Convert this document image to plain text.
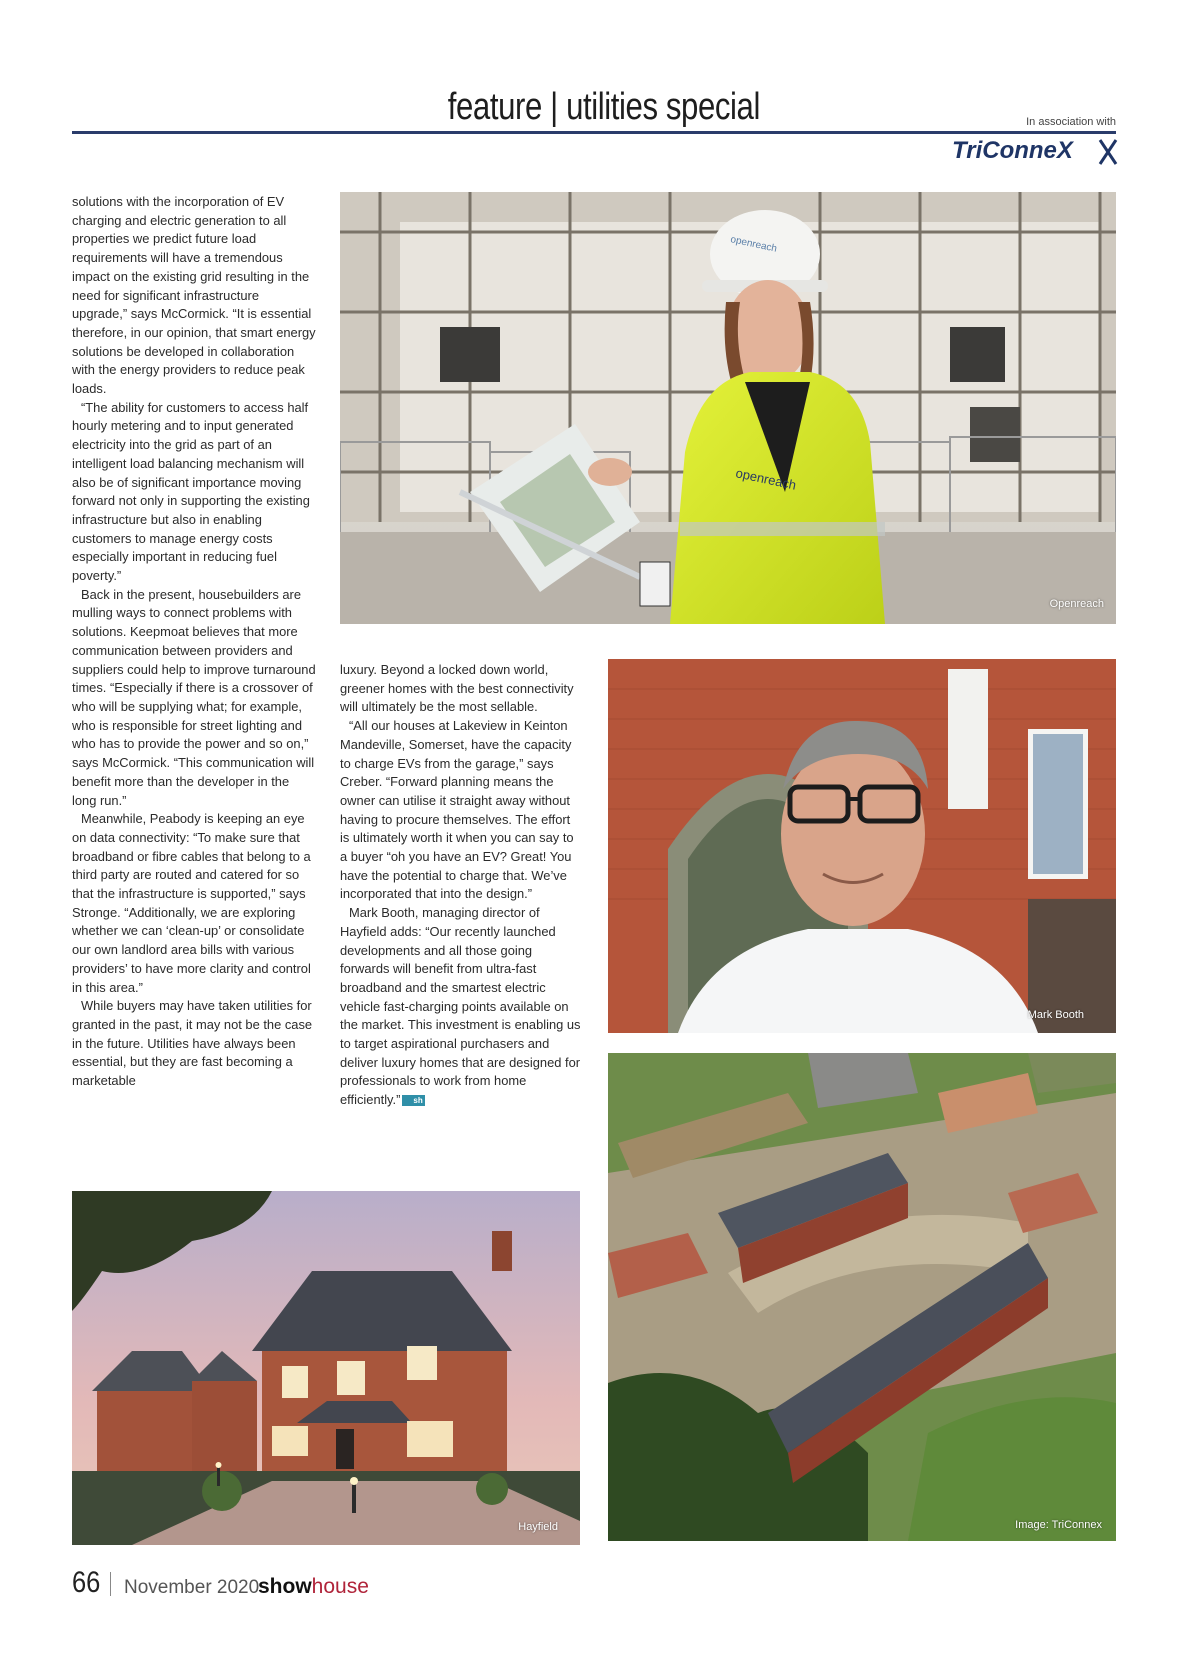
feature | utilities special	In association with
TriConneX
openreach
openreach
Openreach

solutions with the incorporation of EV charging and electric generation to all properties we predict future load requirements will have a tremendous impact on the existing grid resulting in the need for significant infrastructure upgrade,” says McCormick. “It is essential therefore, in our opinion, that smart energy solutions be developed in collaboration with the energy providers to reduce peak loads.

“The ability for customers to access half hourly metering and to input generated electricity into the grid as part of an intelligent load balancing mechanism will also be of significant importance moving forward not only in supporting the existing infrastructure but also in enabling customers to manage energy costs especially important in reducing fuel poverty.”

Back in the present, housebuilders are mulling ways to connect problems with solutions. Keepmoat believes that more communication between providers and suppliers could help to improve turnaround times. “Especially if there is a crossover of who will be supplying what; for example, who is responsible for street lighting and who has to provide the power and so on,” says McCormick. “This communication will benefit more than the developer in the long run.”

Meanwhile, Peabody is keeping an eye on data connectivity: “To make sure that broadband or fibre cables that belong to a third party are routed and catered for so that the infrastructure is supported,” says Stronge. “Additionally, we are exploring whether we can ‘clean-up’ or consolidate our own landlord area bills with various providers’ to have more clarity and control in this area.”

While buyers may have taken utilities for granted in the past, it may not be the case in the future. Utilities have always been essential, but they are fast becoming a marketable

luxury. Beyond a locked down world, greener homes with the best connectivity will ultimately be the most sellable.

“All our houses at Lakeview in Keinton Mandeville, Somerset, have the capacity to charge EVs from the garage,” says Creber. “Forward planning means the owner can utilise it straight away without having to procure themselves. The effort is ultimately worth it when you can say to a buyer “oh you have an EV? Great! You have the potential to charge that. We’ve incorporated that into the design.”

Mark Booth, managing director of Hayfield adds: “Our recently launched developments and all those going forwards will benefit from ultra-fast broadband and the smartest electric vehicle fast-charging points available on the market. This investment is enabling us to target aspirational purchasers and deliver luxury homes that are designed for professionals to work from home efficiently.” sh

Mark Booth
Image: TriConnex
Hayfield
66 November 2020
showhouse
